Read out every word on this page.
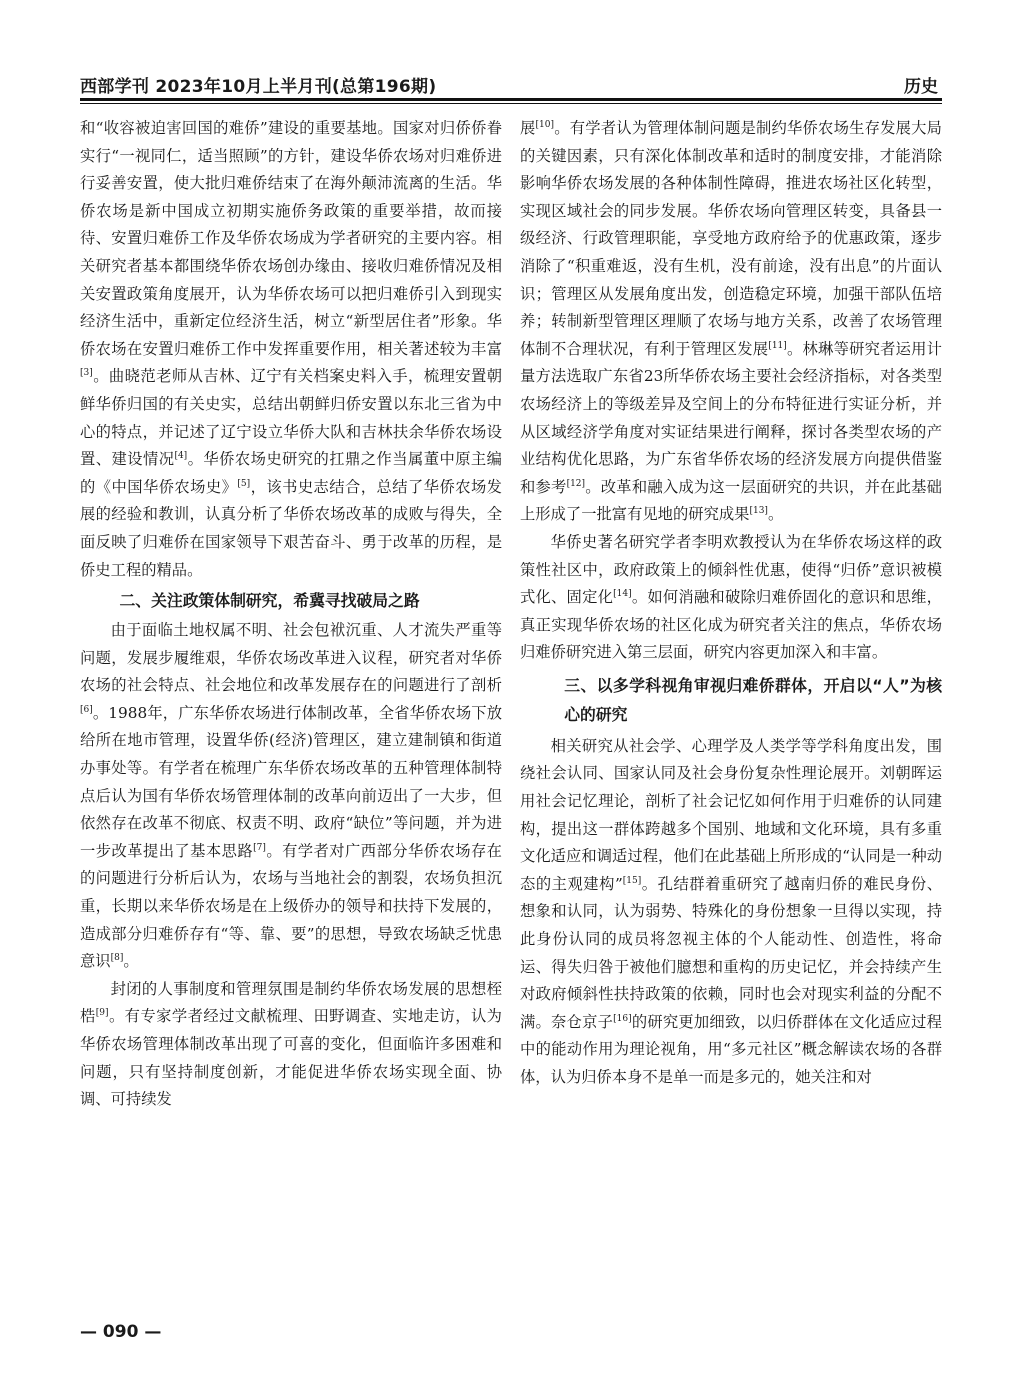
西部学刊 2023年10月上半月刊(总第196期)	历史

和“收容被迫害回国的难侨”建设的重要基地。国家对归侨侨眷实行“一视同仁，适当照顾”的方针，建设华侨农场对归难侨进行妥善安置，使大批归难侨结束了在海外颠沛流离的生活。华侨农场是新中国成立初期实施侨务政策的重要举措，故而接待、安置归难侨工作及华侨农场成为学者研究的主要内容。相关研究者基本都围绕华侨农场创办缘由、接收归难侨情况及相关安置政策角度展开，认为华侨农场可以把归难侨引入到现实经济生活中，重新定位经济生活，树立“新型居住者”形象。华侨农场在安置归难侨工作中发挥重要作用，相关著述较为丰富[3]。曲晓范老师从吉林、辽宁有关档案史料入手，梳理安置朝鲜华侨归国的有关史实，总结出朝鲜归侨安置以东北三省为中心的特点，并记述了辽宁设立华侨大队和吉林扶余华侨农场设置、建设情况[4]。华侨农场史研究的扛鼎之作当属董中原主编的《中国华侨农场史》[5]，该书史志结合，总结了华侨农场发展的经验和教训，认真分析了华侨农场改革的成败与得失，全面反映了归难侨在国家领导下艰苦奋斗、勇于改革的历程，是侨史工程的精品。

二、关注政策体制研究，希冀寻找破局之路

由于面临土地权属不明、社会包袱沉重、人才流失严重等问题，发展步履维艰，华侨农场改革进入议程，研究者对华侨农场的社会特点、社会地位和改革发展存在的问题进行了剖析[6]。1988年，广东华侨农场进行体制改革，全省华侨农场下放给所在地市管理，设置华侨(经济)管理区，建立建制镇和街道办事处等。有学者在梳理广东华侨农场改革的五种管理体制特点后认为国有华侨农场管理体制的改革向前迈出了一大步，但依然存在改革不彻底、权责不明、政府“缺位”等问题，并为进一步改革提出了基本思路[7]。有学者对广西部分华侨农场存在的问题进行分析后认为，农场与当地社会的割裂，农场负担沉重，长期以来华侨农场是在上级侨办的领导和扶持下发展的，造成部分归难侨存有“等、靠、要”的思想，导致农场缺乏忧患意识[8]。

封闭的人事制度和管理氛围是制约华侨农场发展的思想桎梏[9]。有专家学者经过文献梳理、田野调查、实地走访，认为华侨农场管理体制改革出现了可喜的变化，但面临许多困难和问题，只有坚持制度创新，才能促进华侨农场实现全面、协调、可持续发

展[10]。有学者认为管理体制问题是制约华侨农场生存发展大局的关键因素，只有深化体制改革和适时的制度安排，才能消除影响华侨农场发展的各种体制性障碍，推进农场社区化转型，实现区域社会的同步发展。华侨农场向管理区转变，具备县一级经济、行政管理职能，享受地方政府给予的优惠政策，逐步消除了“积重难返，没有生机，没有前途，没有出息”的片面认识；管理区从发展角度出发，创造稳定环境，加强干部队伍培养；转制新型管理区理顺了农场与地方关系，改善了农场管理体制不合理状况，有利于管理区发展[11]。林琳等研究者运用计量方法选取广东省23所华侨农场主要社会经济指标，对各类型农场经济上的等级差异及空间上的分布特征进行实证分析，并从区域经济学角度对实证结果进行阐释，探讨各类型农场的产业结构优化思路，为广东省华侨农场的经济发展方向提供借鉴和参考[12]。改革和融入成为这一层面研究的共识，并在此基础上形成了一批富有见地的研究成果[13]。

华侨史著名研究学者李明欢教授认为在华侨农场这样的政策性社区中，政府政策上的倾斜性优惠，使得“归侨”意识被模式化、固定化[14]。如何消融和破除归难侨固化的意识和思维，真正实现华侨农场的社区化成为研究者关注的焦点，华侨农场归难侨研究进入第三层面，研究内容更加深入和丰富。

三、以多学科视角审视归难侨群体，开启以“人”为核心的研究

相关研究从社会学、心理学及人类学等学科角度出发，围绕社会认同、国家认同及社会身份复杂性理论展开。刘朝晖运用社会记忆理论，剖析了社会记忆如何作用于归难侨的认同建构，提出这一群体跨越多个国别、地域和文化环境，具有多重文化适应和调适过程，他们在此基础上所形成的“认同是一种动态的主观建构”[15]。孔结群着重研究了越南归侨的难民身份、想象和认同，认为弱势、特殊化的身份想象一旦得以实现，持此身份认同的成员将忽视主体的个人能动性、创造性，将命运、得失归咎于被他们臆想和重构的历史记忆，并会持续产生对政府倾斜性扶持政策的依赖，同时也会对现实利益的分配不满。奈仓京子[16]的研究更加细致，以归侨群体在文化适应过程中的能动作用为理论视角，用“多元社区”概念解读农场的各群体，认为归侨本身不是单一而是多元的，她关注和对

— 090 —
